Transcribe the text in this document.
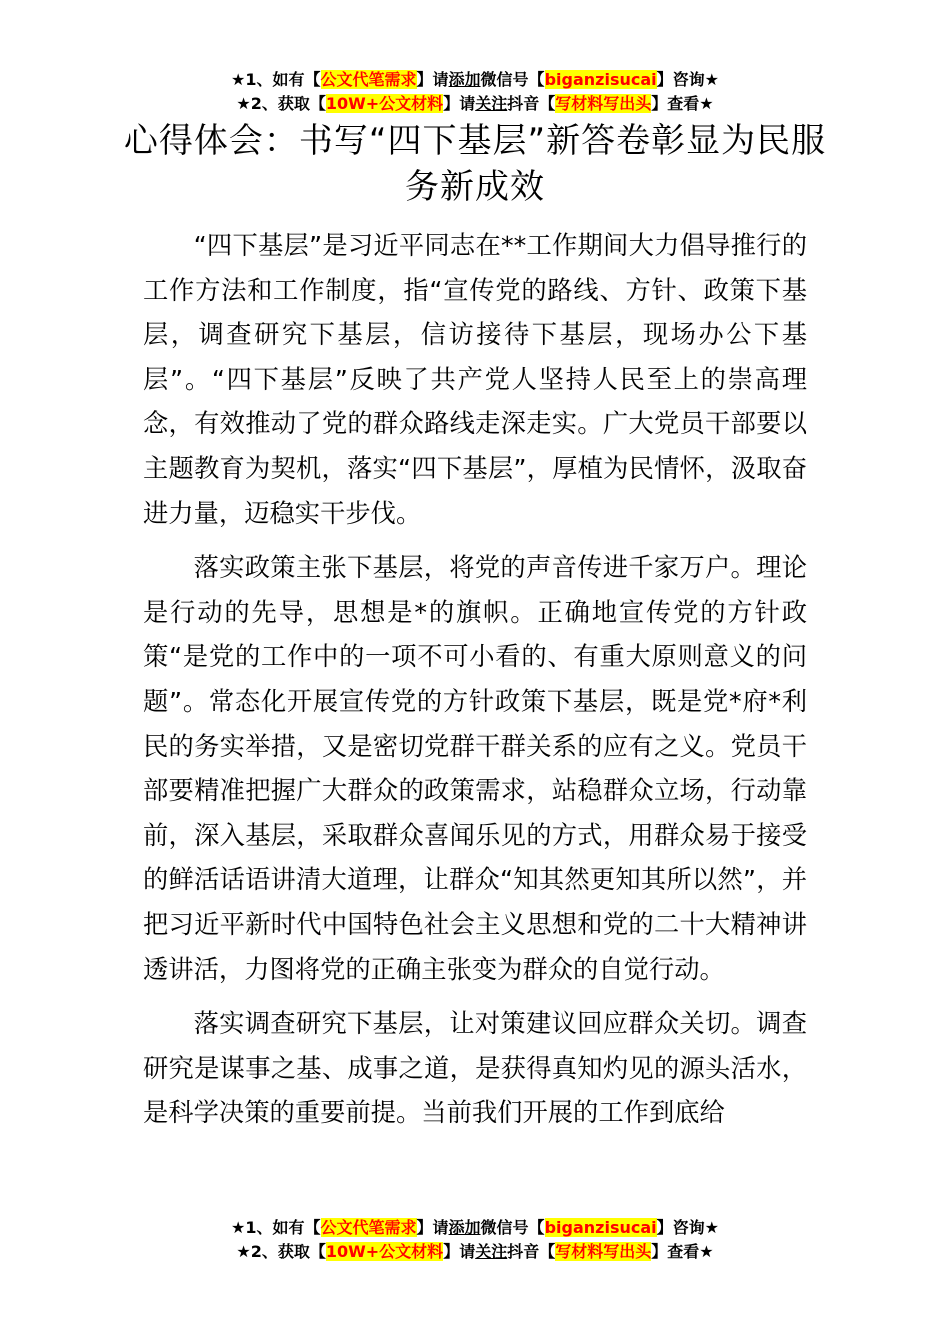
★1、如有【公文代笔需求】请添加微信号【biganzisucai】咨询★
★2、获取【10W+公文材料】请关注抖音【写材料写出头】查看★
心得体会：书写“四下基层”新答卷彰显为民服务新成效

“四下基层”是习近平同志在**工作期间大力倡导推行的工作方法和工作制度，指“宣传党的路线、方针、政策下基层，调查研究下基层，信访接待下基层，现场办公下基层”。“四下基层”反映了共产党人坚持人民至上的崇高理念，有效推动了党的群众路线走深走实。广大党员干部要以主题教育为契机，落实“四下基层”，厚植为民情怀，汲取奋进力量，迈稳实干步伐。

落实政策主张下基层，将党的声音传进千家万户。理论是行动的先导，思想是*的旗帜。正确地宣传党的方针政策“是党的工作中的一项不可小看的、有重大原则意义的问题”。常态化开展宣传党的方针政策下基层，既是党*府*利民的务实举措，又是密切党群干群关系的应有之义。党员干部要精准把握广大群众的政策需求，站稳群众立场，行动靠前，深入基层，采取群众喜闻乐见的方式，用群众易于接受的鲜活话语讲清大道理，让群众“知其然更知其所以然”，并把习近平新时代中国特色社会主义思想和党的二十大精神讲透讲活，力图将党的正确主张变为群众的自觉行动。

落实调查研究下基层，让对策建议回应群众关切。调查研究是谋事之基、成事之道，是获得真知灼见的源头活水，是科学决策的重要前提。当前我们开展的工作到底给

★1、如有【公文代笔需求】请添加微信号【biganzisucai】咨询★
★2、获取【10W+公文材料】请关注抖音【写材料写出头】查看★
